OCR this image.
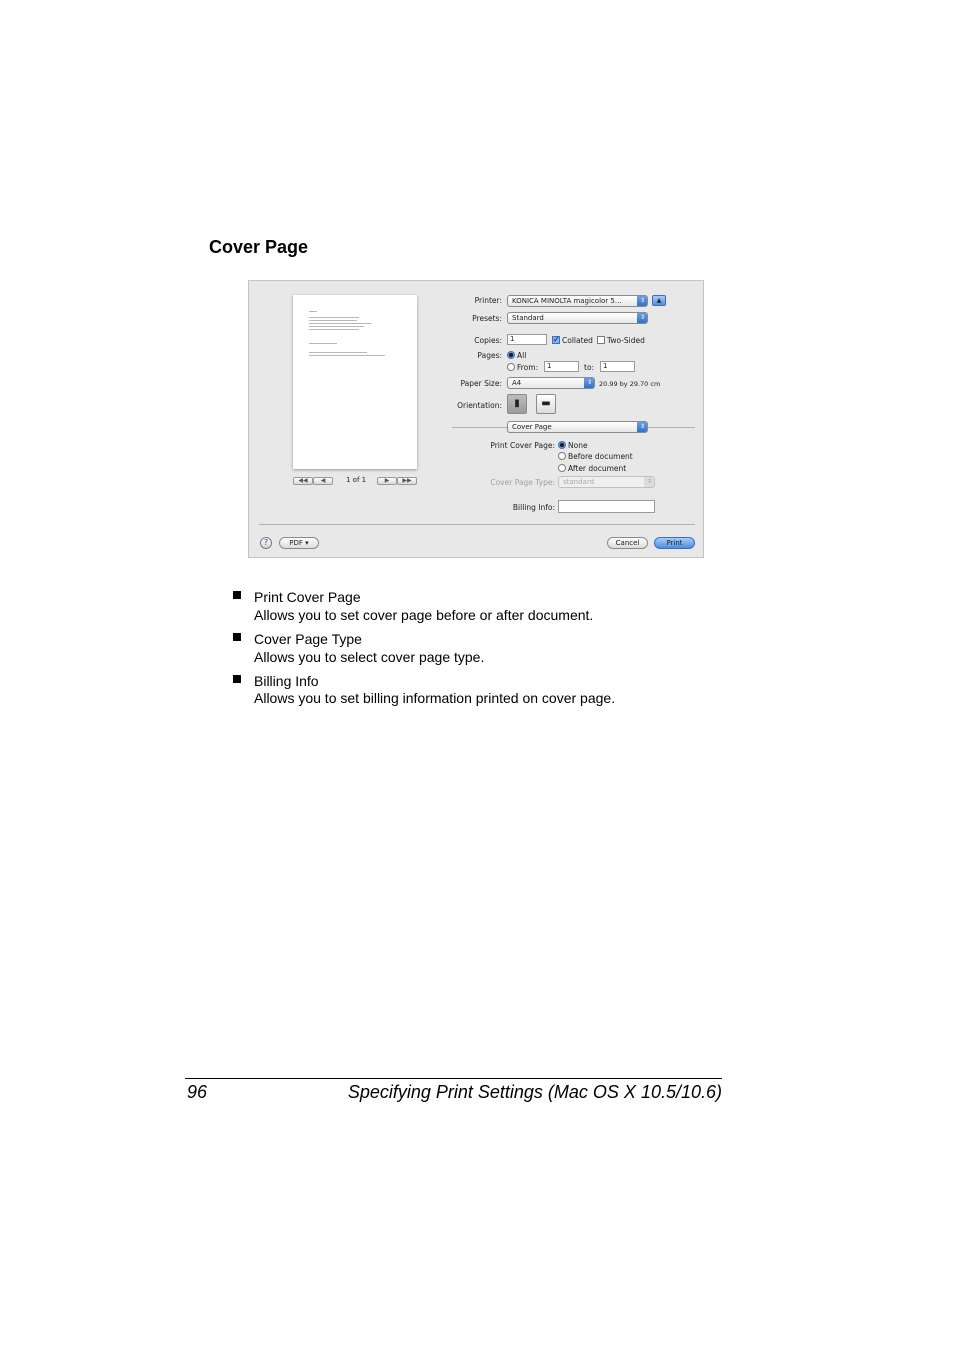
Cover Page
◀◀	◀	1 of 1	▶	▶▶
Printer:	KONICA MINOLTA magicolor 5...	⇕	▲
Presets:	Standard	⇕
Copies:	1	✓ Collated Two-Sided
Pages: All
From:	1	to:	1
Paper Size:	A4	⇕	20.99 by 29.70 cm
Orientation:	▮	▬
Cover Page	⇕
Print Cover Page: None
Before document
After document
Cover Page Type:	standard	⇕
Billing Info:
?	PDF ▾	Cancel	Print
Print Cover Page
Allows you to set cover page before or after document.
Cover Page Type
Allows you to select cover page type.
Billing Info
Allows you to set billing information printed on cover page.
96	Specifying Print Settings (Mac OS X 10.5/10.6)
